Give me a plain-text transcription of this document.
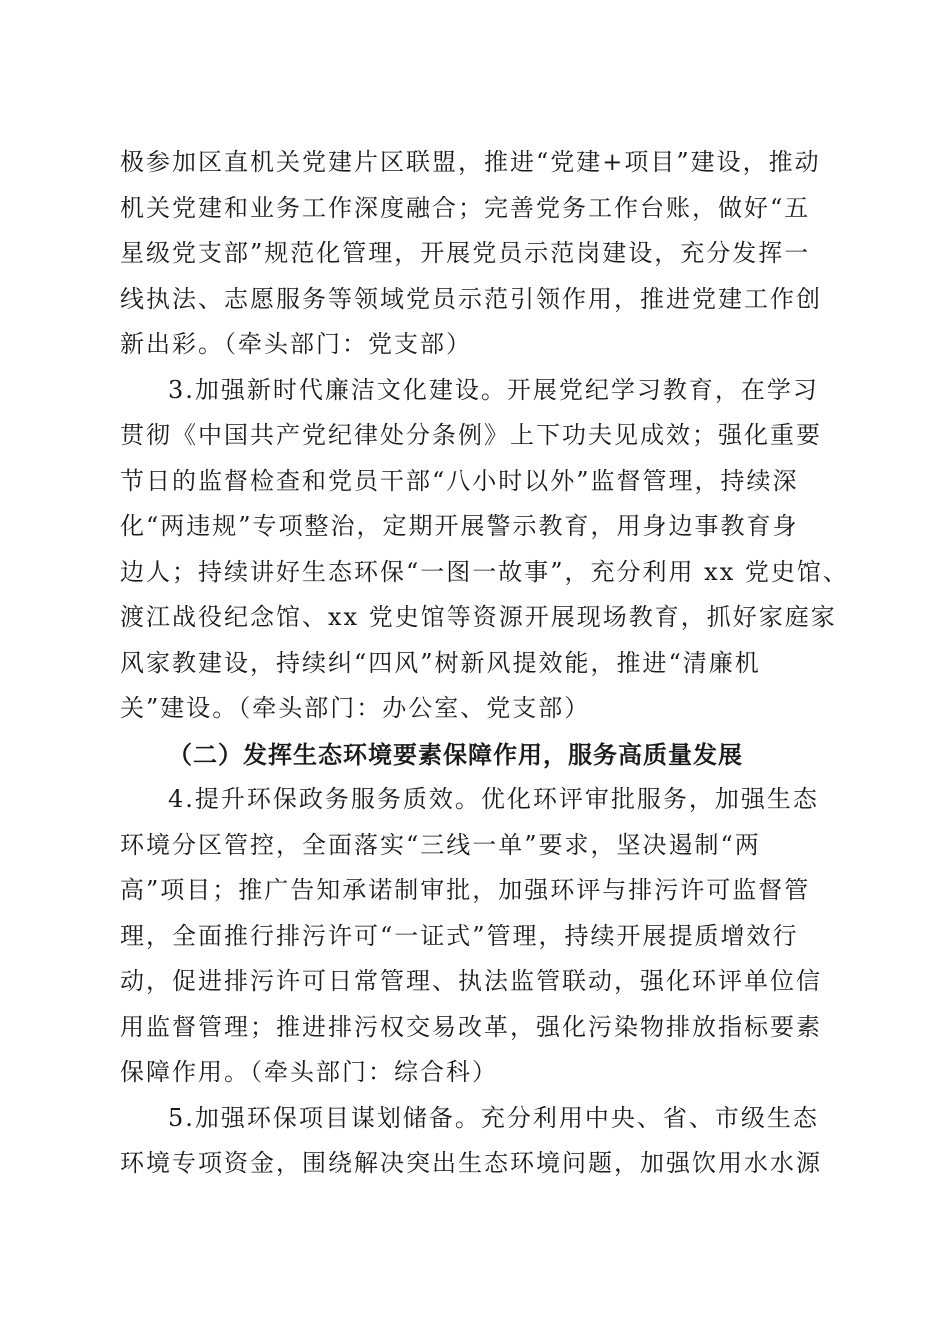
极参加区直机关党建片区联盟，推进“党建+项目”建设，推动
机关党建和业务工作深度融合；完善党务工作台账，做好“五
星级党支部”规范化管理，开展党员示范岗建设，充分发挥一
线执法、志愿服务等领域党员示范引领作用，推进党建工作创
新出彩。（牵头部门：党支部）
3.加强新时代廉洁文化建设。开展党纪学习教育，在学习
贯彻《中国共产党纪律处分条例》上下功夫见成效；强化重要
节日的监督检查和党员干部“八小时以外”监督管理，持续深
化“两违规”专项整治，定期开展警示教育，用身边事教育身
边人；持续讲好生态环保“一图一故事”，充分利用 xx 党史馆、
渡江战役纪念馆、xx 党史馆等资源开展现场教育，抓好家庭家
风家教建设，持续纠“四风”树新风提效能，推进“清廉机
关”建设。（牵头部门：办公室、党支部）
（二）发挥生态环境要素保障作用，服务高质量发展
4.提升环保政务服务质效。优化环评审批服务，加强生态
环境分区管控，全面落实“三线一单”要求，坚决遏制“两
高”项目；推广告知承诺制审批，加强环评与排污许可监督管
理，全面推行排污许可“一证式”管理，持续开展提质增效行
动，促进排污许可日常管理、执法监管联动，强化环评单位信
用监督管理；推进排污权交易改革，强化污染物排放指标要素
保障作用。（牵头部门：综合科）
5.加强环保项目谋划储备。充分利用中央、省、市级生态
环境专项资金，围绕解决突出生态环境问题，加强饮用水水源
